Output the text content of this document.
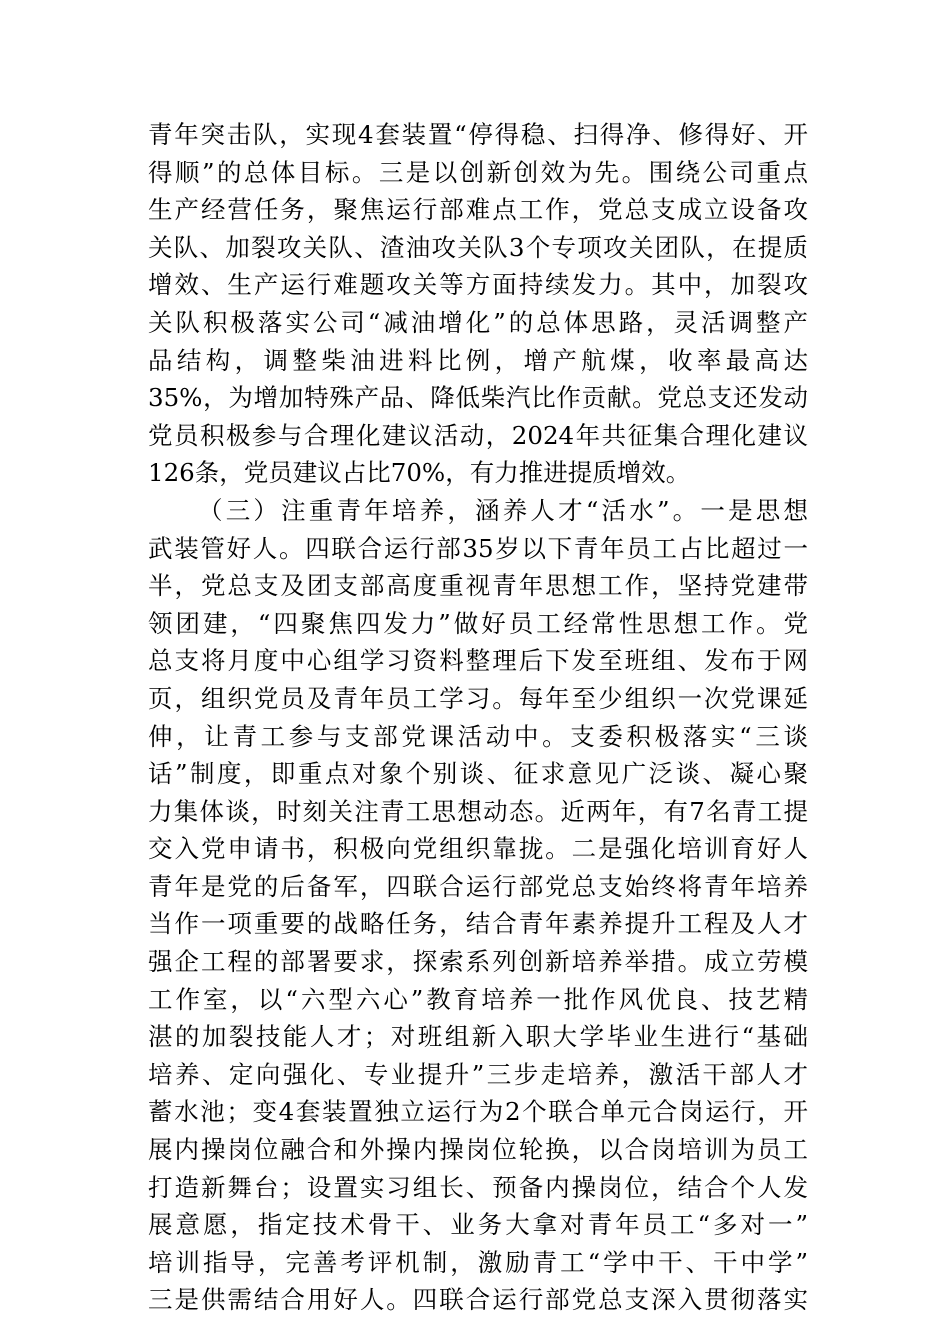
青年突击队，实现4套装置“停得稳、扫得净、修得好、开
得顺”的总体目标。三是以创新创效为先。围绕公司重点
生产经营任务，聚焦运行部难点工作，党总支成立设备攻
关队、加裂攻关队、渣油攻关队3个专项攻关团队，在提质
增效、生产运行难题攻关等方面持续发力。其中，加裂攻
关队积极落实公司“减油增化”的总体思路，灵活调整产
品结构，调整柴油进料比例，增产航煤，收率最高达
35%，为增加特殊产品、降低柴汽比作贡献。党总支还发动
党员积极参与合理化建议活动，2024年共征集合理化建议
126条，党员建议占比70%，有力推进提质增效。
（三）注重青年培养，涵养人才“活水”。一是思想
武装管好人。四联合运行部35岁以下青年员工占比超过一
半，党总支及团支部高度重视青年思想工作，坚持党建带
领团建，“四聚焦四发力”做好员工经常性思想工作。党
总支将月度中心组学习资料整理后下发至班组、发布于网
页，组织党员及青年员工学习。每年至少组织一次党课延
伸，让青工参与支部党课活动中。支委积极落实“三谈
话”制度，即重点对象个别谈、征求意见广泛谈、凝心聚
力集体谈，时刻关注青工思想动态。近两年，有7名青工提
交入党申请书，积极向党组织靠拢。二是强化培训育好人
青年是党的后备军，四联合运行部党总支始终将青年培养
当作一项重要的战略任务，结合青年素养提升工程及人才
强企工程的部署要求，探索系列创新培养举措。成立劳模
工作室，以“六型六心”教育培养一批作风优良、技艺精
湛的加裂技能人才；对班组新入职大学毕业生进行“基础
培养、定向强化、专业提升”三步走培养，激活干部人才
蓄水池；变4套装置独立运行为2个联合单元合岗运行，开
展内操岗位融合和外操内操岗位轮换，以合岗培训为员工
打造新舞台；设置实习组长、预备内操岗位，结合个人发
展意愿，指定技术骨干、业务大拿对青年员工“多对一”
培训指导，完善考评机制，激励青工“学中干、干中学”
三是供需结合用好人。四联合运行部党总支深入贯彻落实
